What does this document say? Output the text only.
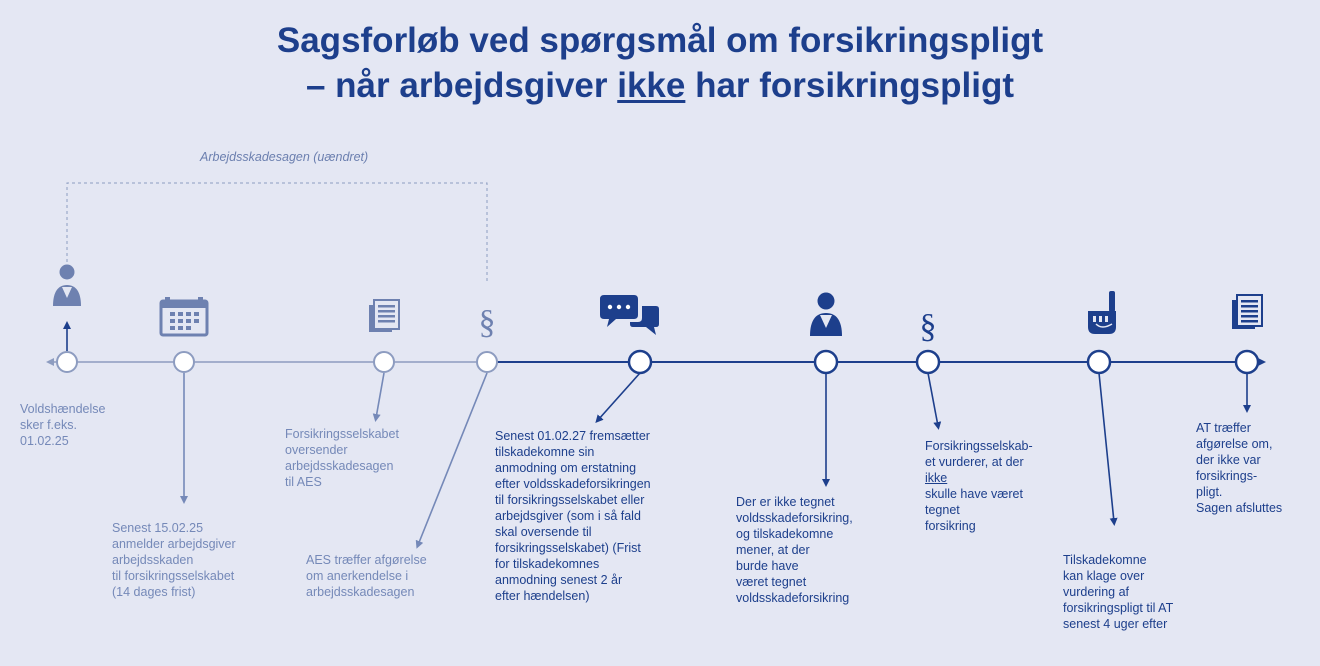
Sagsforløb ved spørgsmål om forsikringspligt
– når arbejdsgiver ikke har forsikringspligt
Arbejdsskadesagen (uændret)
§	§
Voldshændelse
sker f.eks.
01.02.25
Senest 15.02.25
anmelder arbejdsgiver
arbejdsskaden
til forsikringsselskabet
(14 dages frist)
Forsikringsselskabet
oversender
arbejdsskadesagen
til AES
AES træffer afgørelse
om anerkendelse i
arbejdsskadesagen
Senest 01.02.27 fremsætter
tilskadekomne sin
anmodning om erstatning
efter voldsskadeforsikringen
til forsikringsselskabet eller
arbejdsgiver (som i så fald
skal oversende til
forsikringsselskabet) (Frist
for tilskadekomnes
anmodning senest 2 år
efter hændelsen)
Der er ikke tegnet
voldsskadeforsikring,
og tilskadekomne
mener, at der
burde have
været tegnet
voldsskadeforsikring
Forsikringsselskab-
et vurderer, at der
ikke
skulle have været
tegnet
forsikring
Tilskadekomne
kan klage over
vurdering af
forsikringspligt til AT
senest 4 uger efter
AT træffer
afgørelse om,
der ikke var
forsikrings-
pligt.
Sagen afsluttes
